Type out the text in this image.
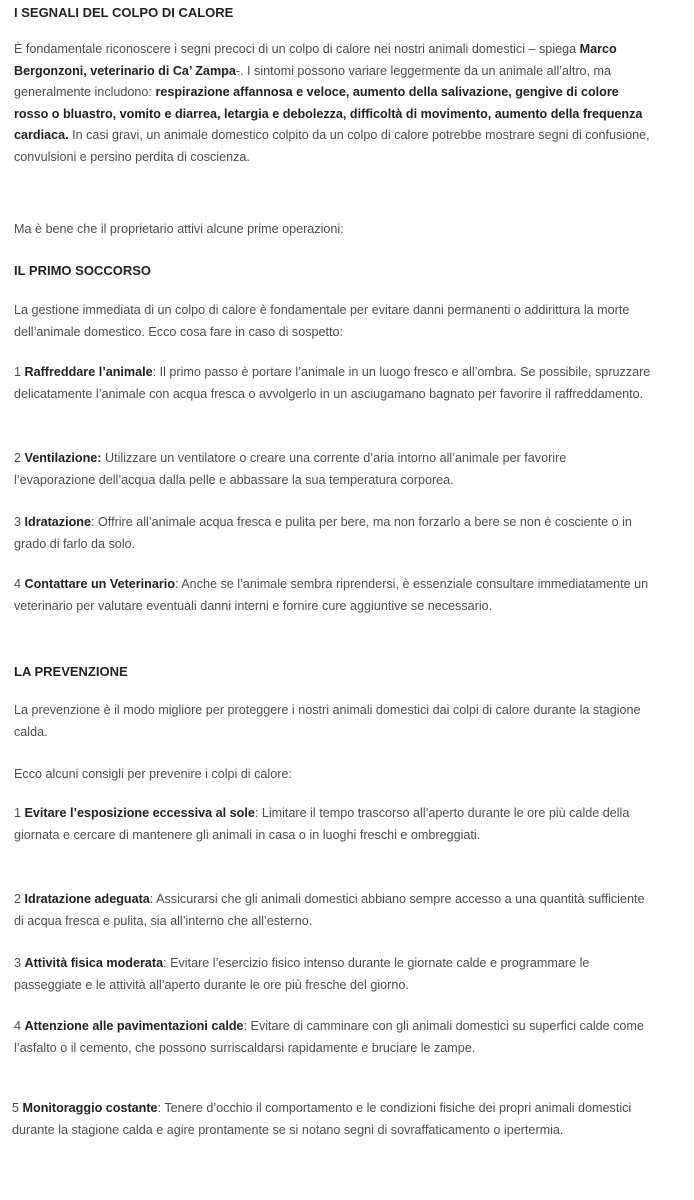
I SEGNALI DEL COLPO DI CALORE

È fondamentale riconoscere i segni precoci di un colpo di calore nei nostri animali domestici – spiega Marco Bergonzoni, veterinario di Ca’ Zampa-. I sintomi possono variare leggermente da un animale all’altro, ma generalmente includono: respirazione affannosa e veloce, aumento della salivazione, gengive di colore rosso o bluastro, vomito e diarrea, letargia e debolezza, difficoltà di movimento, aumento della frequenza cardiaca. In casi gravi, un animale domestico colpito da un colpo di calore potrebbe mostrare segni di confusione, convulsioni e persino perdita di coscienza.

Ma è bene che il proprietario attivi alcune prime operazioni:

IL PRIMO SOCCORSO

La gestione immediata di un colpo di calore è fondamentale per evitare danni permanenti o addirittura la morte dell’animale domestico. Ecco cosa fare in caso di sospetto:

1 Raffreddare l’animale: Il primo passo è portare l’animale in un luogo fresco e all’ombra. Se possibile, spruzzare delicatamente l’animale con acqua fresca o avvolgerlo in un asciugamano bagnato per favorire il raffreddamento.

2 Ventilazione: Utilizzare un ventilatore o creare una corrente d’aria intorno all’animale per favorire l’evaporazione dell’acqua dalla pelle e abbassare la sua temperatura corporea.

3 Idratazione: Offrire all’animale acqua fresca e pulita per bere, ma non forzarlo a bere se non è cosciente o in grado di farlo da solo.

4 Contattare un Veterinario: Anche se l’animale sembra riprendersi, è essenziale consultare immediatamente un veterinario per valutare eventuali danni interni e fornire cure aggiuntive se necessario.

LA PREVENZIONE

La prevenzione è il modo migliore per proteggere i nostri animali domestici dai colpi di calore durante la stagione calda.

Ecco alcuni consigli per prevenire i colpi di calore:

1 Evitare l’esposizione eccessiva al sole: Limitare il tempo trascorso all’aperto durante le ore più calde della giornata e cercare di mantenere gli animali in casa o in luoghi freschi e ombreggiati.

2 Idratazione adeguata: Assicurarsi che gli animali domestici abbiano sempre accesso a una quantità sufficiente di acqua fresca e pulita, sia all’interno che all’esterno.

3 Attività fisica moderata: Evitare l’esercizio fisico intenso durante le giornate calde e programmare le passeggiate e le attività all’aperto durante le ore più fresche del giorno.

4 Attenzione alle pavimentazioni calde: Evitare di camminare con gli animali domestici su superfici calde come l’asfalto o il cemento, che possono surriscaldarsi rapidamente e bruciare le zampe.

5 Monitoraggio costante: Tenere d’occhio il comportamento e le condizioni fisiche dei propri animali domestici durante la stagione calda e agire prontamente se si notano segni di sovraffaticamento o ipertermia.
